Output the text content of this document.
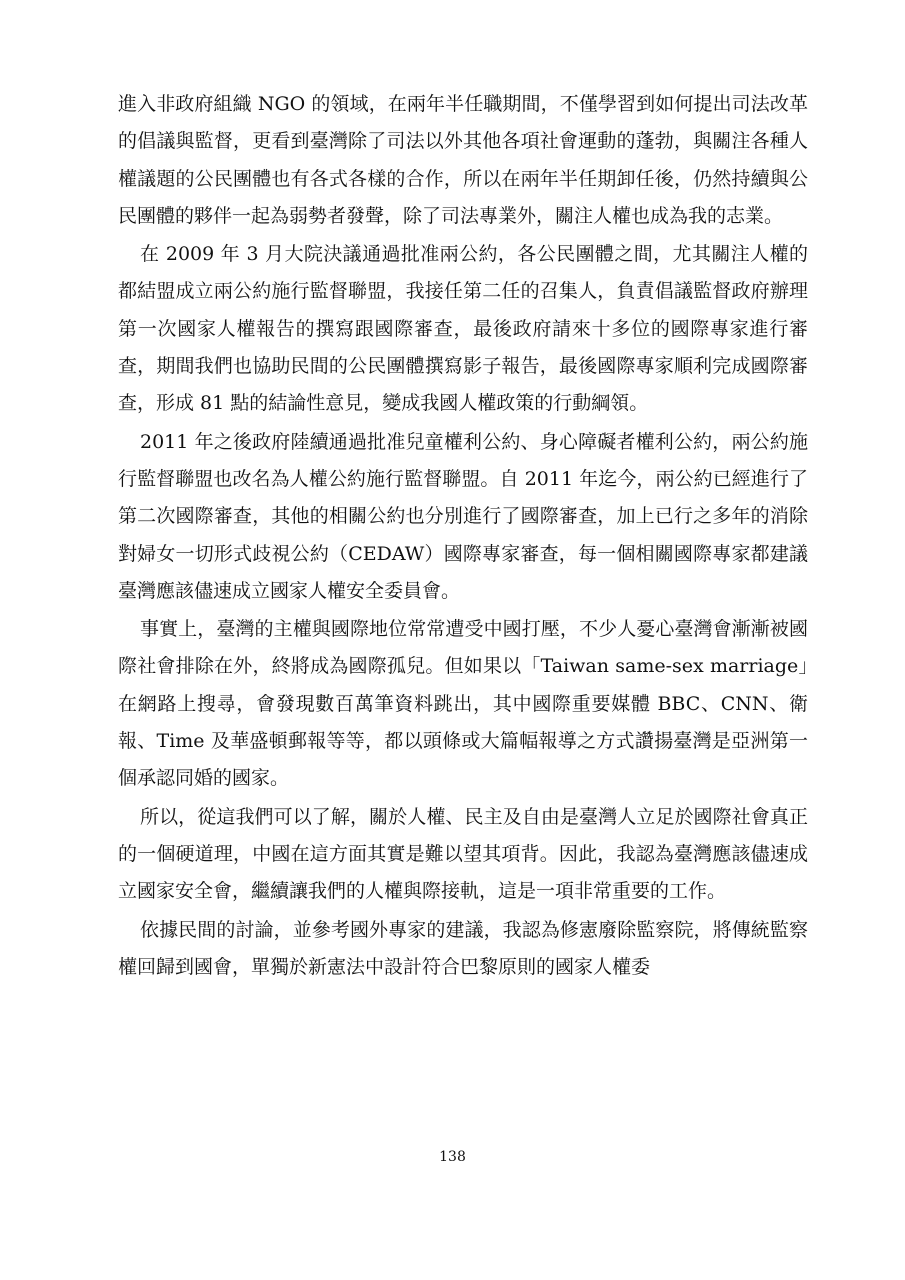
進入非政府組織 NGO 的領域，在兩年半任職期間，不僅學習到如何提出司法改革的倡議與監督，更看到臺灣除了司法以外其他各項社會運動的蓬勃，與關注各種人權議題的公民團體也有各式各樣的合作，所以在兩年半任期卸任後，仍然持續與公民團體的夥伴一起為弱勢者發聲，除了司法專業外，關注人權也成為我的志業。

在 2009 年 3 月大院決議通過批准兩公約，各公民團體之間，尤其關注人權的都結盟成立兩公約施行監督聯盟，我接任第二任的召集人，負責倡議監督政府辦理第一次國家人權報告的撰寫跟國際審查，最後政府請來十多位的國際專家進行審查，期間我們也協助民間的公民團體撰寫影子報告，最後國際專家順利完成國際審查，形成 81 點的結論性意見，變成我國人權政策的行動綱領。

2011 年之後政府陸續通過批准兒童權利公約、身心障礙者權利公約，兩公約施行監督聯盟也改名為人權公約施行監督聯盟。自 2011 年迄今，兩公約已經進行了第二次國際審查，其他的相關公約也分別進行了國際審查，加上已行之多年的消除對婦女一切形式歧視公約（CEDAW）國際專家審查，每一個相關國際專家都建議臺灣應該儘速成立國家人權安全委員會。

事實上，臺灣的主權與國際地位常常遭受中國打壓，不少人憂心臺灣會漸漸被國際社會排除在外，終將成為國際孤兒。但如果以「Taiwan same-sex marriage」在網路上搜尋，會發現數百萬筆資料跳出，其中國際重要媒體 BBC、CNN、衛報、Time 及華盛頓郵報等等，都以頭條或大篇幅報導之方式讚揚臺灣是亞洲第一個承認同婚的國家。

所以，從這我們可以了解，關於人權、民主及自由是臺灣人立足於國際社會真正的一個硬道理，中國在這方面其實是難以望其項背。因此，我認為臺灣應該儘速成立國家安全會，繼續讓我們的人權與際接軌，這是一項非常重要的工作。

依據民間的討論，並參考國外專家的建議，我認為修憲廢除監察院，將傳統監察權回歸到國會，單獨於新憲法中設計符合巴黎原則的國家人權委

138
